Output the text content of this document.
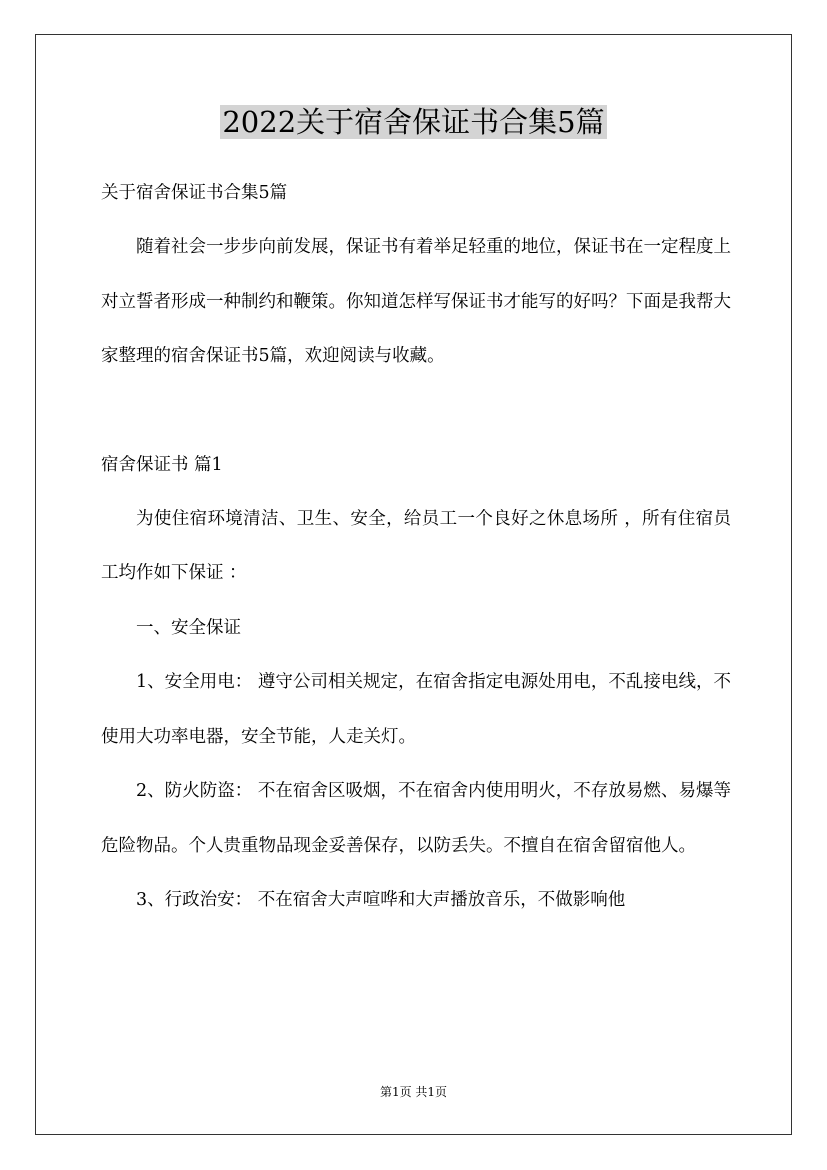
2022关于宿舍保证书合集5篇

关于宿舍保证书合集5篇

随着社会一步步向前发展，保证书有着举足轻重的地位，保证书在一定程度上对立誓者形成一种制约和鞭策。你知道怎样写保证书才能写的好吗？下面是我帮大家整理的宿舍保证书5篇，欢迎阅读与收藏。

宿舍保证书 篇1

为使住宿环境清洁、卫生、安全，给员工一个良好之休息场所 ，所有住宿员工均作如下保证 ：

一、安全保证

1、安全用电： 遵守公司相关规定，在宿舍指定电源处用电，不乱接电线，不使用大功率电器，安全节能，人走关灯。

2、防火防盗： 不在宿舍区吸烟，不在宿舍内使用明火，不存放易燃、易爆等危险物品。个人贵重物品现金妥善保存，以防丢失。不擅自在宿舍留宿他人。

3、行政治安： 不在宿舍大声喧哗和大声播放音乐，不做影响他

第1页 共1页
